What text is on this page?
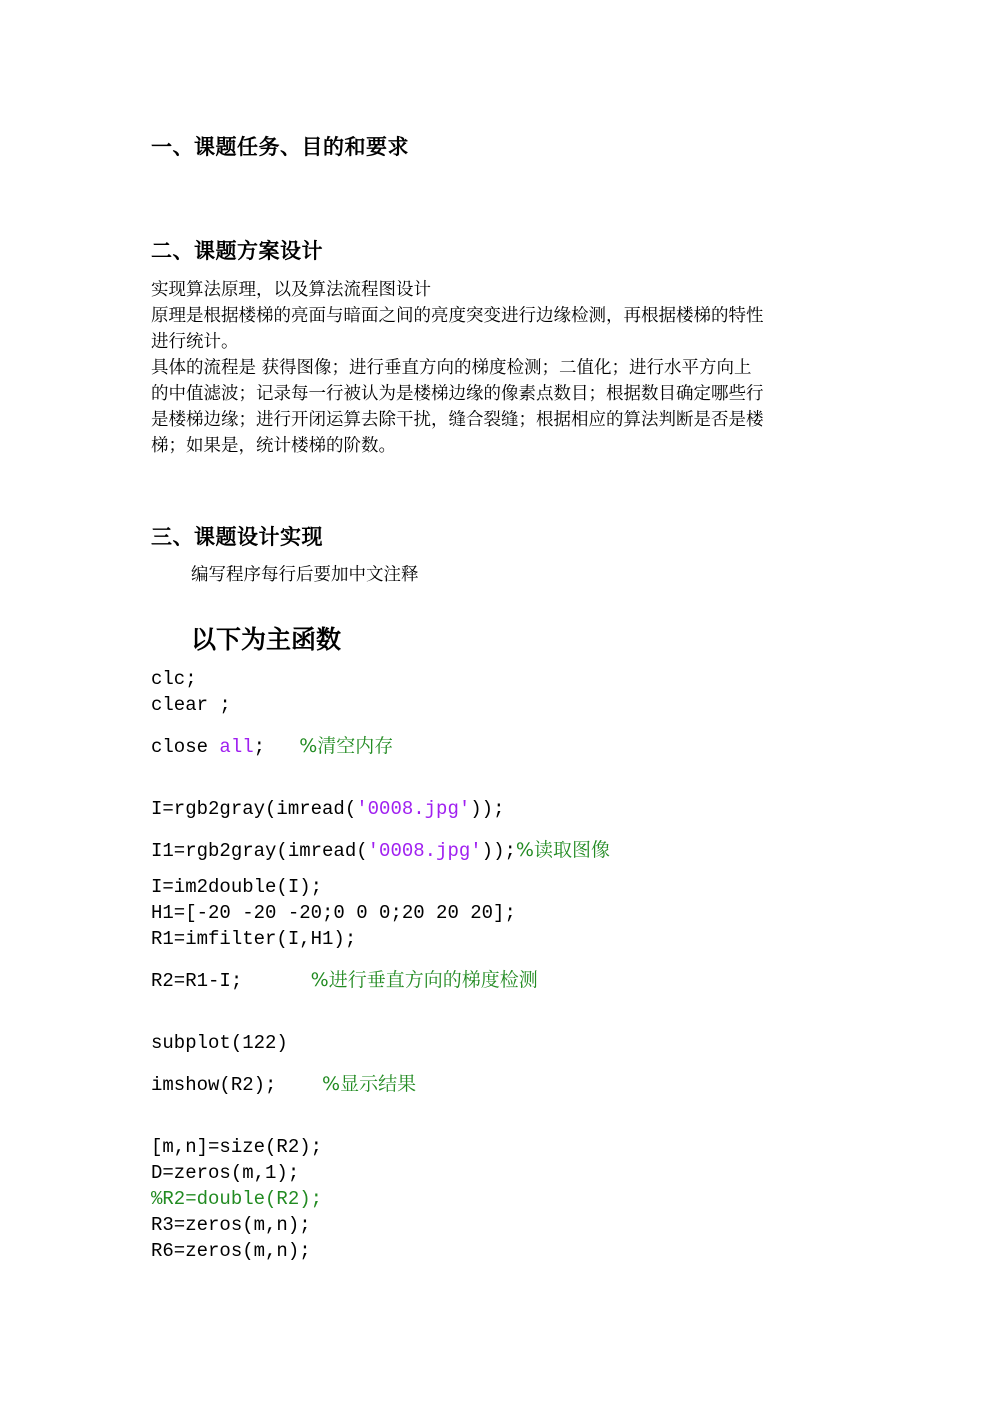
一、课题任务、目的和要求
二、课题方案设计
实现算法原理，以及算法流程图设计
原理是根据楼梯的亮面与暗面之间的亮度突变进行边缘检测，再根据楼梯的特性
进行统计。
具体的流程是 获得图像；进行垂直方向的梯度检测；二值化；进行水平方向上
的中值滤波；记录每一行被认为是楼梯边缘的像素点数目；根据数目确定哪些行
是楼梯边缘；进行开闭运算去除干扰，缝合裂缝；根据相应的算法判断是否是楼
梯；如果是，统计楼梯的阶数。
三、课题设计实现
编写程序每行后要加中文注释
以下为主函数
clc;
clear ;
close all;   %清空内存
I=rgb2gray(imread('0008.jpg'));
I1=rgb2gray(imread('0008.jpg'));%读取图像
I=im2double(I);
H1=[-20 -20 -20;0 0 0;20 20 20];
R1=imfilter(I,H1);
R2=R1-I;      %进行垂直方向的梯度检测
subplot(122)
imshow(R2);    %显示结果
[m,n]=size(R2);
D=zeros(m,1);
%R2=double(R2);
R3=zeros(m,n);
R6=zeros(m,n);
